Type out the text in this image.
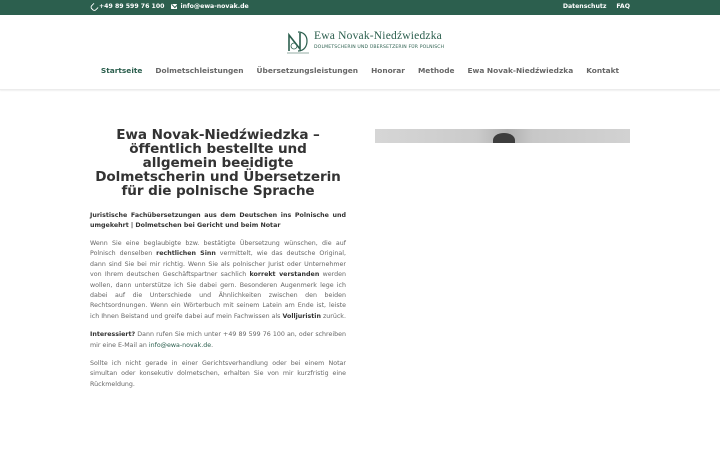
+49 89 599 76 100	info@ewa-novak.de	Datenschutz FAQ
Ewa Novak-Niedźwiedzka
DOLMETSCHERIN UND ÜBERSETZERIN FÜR POLNISCH
Startseite Dolmetschleistungen Übersetzungsleistungen Honorar Methode Ewa Novak-Niedźwiedzka Kontakt
Ewa Novak-Niedźwiedzka – öffentlich bestellte und allgemein beeidigte Dolmetscherin und Übersetzerin für die polnische Sprache

Juristische Fachübersetzungen aus dem Deutschen ins Polnische und umgekehrt | Dolmetschen bei Gericht und beim Notar

Wenn Sie eine beglaubigte bzw. bestätigte Übersetzung wünschen, die auf Polnisch denselben rechtlichen Sinn vermittelt, wie das deutsche Original, dann sind Sie bei mir richtig. Wenn Sie als polnischer Jurist oder Unternehmer von Ihrem deutschen Geschäftspartner sachlich korrekt verstanden werden wollen, dann unterstütze ich Sie dabei gern. Besonderen Augenmerk lege ich dabei auf die Unterschiede und Ähnlichkeiten zwischen den beiden Rechtsordnungen. Wenn ein Wörterbuch mit seinem Latein am Ende ist, leiste ich Ihnen Beistand und greife dabei auf mein Fachwissen als Volljuristin zurück.

Interessiert? Dann rufen Sie mich unter +49 89 599 76 100 an, oder schreiben mir eine E-Mail an info@ewa-novak.de.

Sollte ich nicht gerade in einer Gerichtsverhandlung oder bei einem Notar simultan oder konsekutiv dolmetschen, erhalten Sie von mir kurzfristig eine Rückmeldung.
